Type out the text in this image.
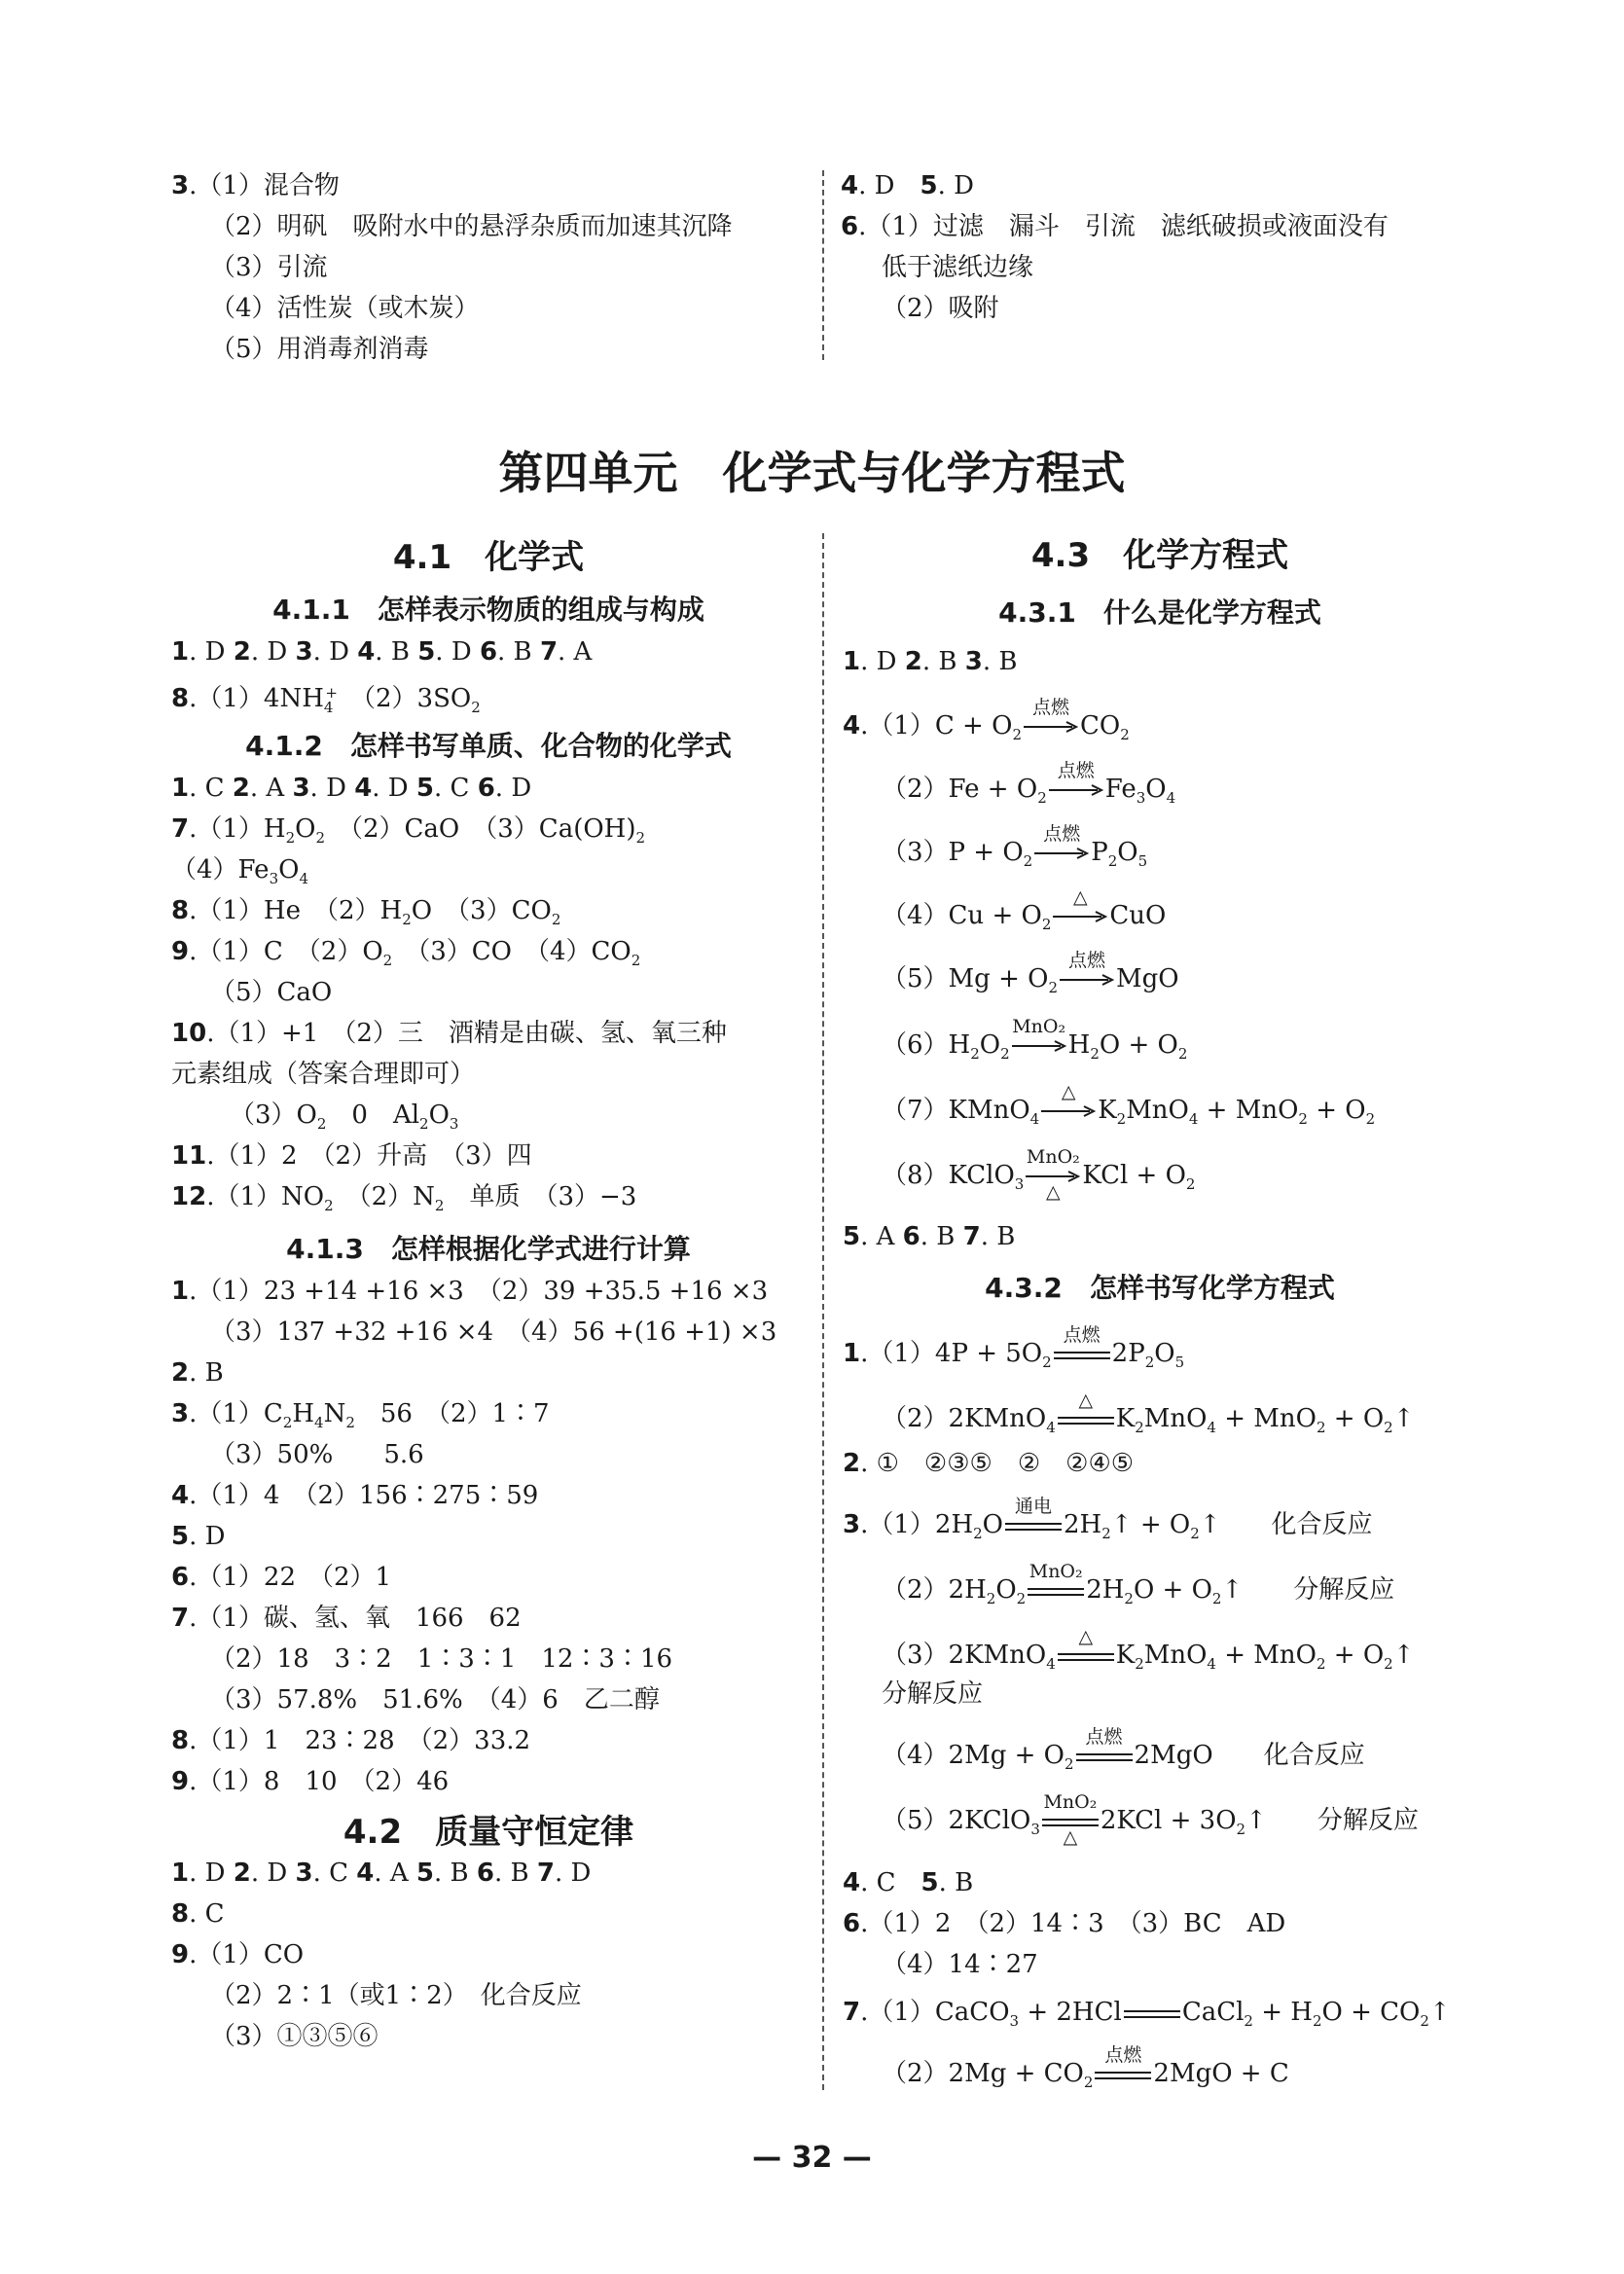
3.（1）混合物
（2）明矾　吸附水中的悬浮杂质而加速其沉降
（3）引流
（4）活性炭（或木炭）
（5）用消毒剂消毒
4. D　5. D
6.（1）过滤　漏斗　引流　滤纸破损或液面没有
低于滤纸边缘
（2）吸附
第四单元　化学式与化学方程式
4.1　化学式
4.1.1　怎样表示物质的组成与构成
1. D 2. D 3. D 4. B 5. D 6. B 7. A
$8.(1)4NH_4^+$　$(2)3SO_2$
4.1.2　怎样书写单质、化合物的化学式
1. C 2. A 3. D 4. D 5. C 6. D
$7.(1)H_2O_2$　（2）CaO　$(3)Ca(OH)_2$
$(4)Fe_3O_4$
8.（1）He　$(2)H_2O$　$(3)CO_2$
9.（1）C　$(2)O_2$　（3）CO　$(4)CO_2$
（5）CaO
10.（1）+1　（2）三　酒精是由碳、氢、氧三种
元素组成（答案合理即可）
$(3)O_2$　0　$Al_2O_3$
11.（1）2　（2）升高　（3）四
$12.(1)NO_2$　$(2)N_2$　单质　（3）−3
4.1.3　怎样根据化学式进行计算
1.（1）23 +14 +16 ×3　（2）39 +35.5 +16 ×3
（3）137 +32 +16 ×4　（4）56 +(16 +1) ×3
2. B
$3.(1)C_2H_4N_2$　56　（2）1∶7
（3）50%　　5.6
4.（1）4　（2）156∶275∶59
5. D
6.（1）22　（2）1
7.（1）碳、氢、氧　166　62
（2）18　3∶2　1∶3∶1　12∶3∶16
（3）57.8%　51.6%　（4）6　乙二醇
8.（1）1　23∶28　（2）33.2
9.（1）8　10　（2）46
4.2　质量守恒定律
1. D 2. D 3. C 4. A 5. B 6. B 7. D
8. C
9.（1）CO
（2）2∶1（或1∶2）　化合反应
（3）①③⑤⑥
4.3　化学方程式
4.3.1　什么是化学方程式
1. D 2. B 3. B
$4.(1)C + O_2$
点燃
$CO_2$
$(2)Fe + O_2$
点燃
$Fe_3O_4$
$(3)P + O_2$
点燃
$P_2O_5$
$(4)Cu + O_2$
△
CuO
$(5)Mg + O_2$
点燃
MgO
$(6)H_2O_2$
MnO₂
$H_2O + O_2$
（7）KMnO$_4$
△
$K_2MnO_4 + MnO_2 + O_2$
（8）KClO$_3$
MnO₂
△
KCl + $O_2$
5. A 6. B 7. B
4.3.2　怎样书写化学方程式
$1.(1)4P + 5O_2$
点燃
$2P_2O_5$
（2）2KMnO$_4$
△
$K_2MnO_4 + MnO_2$ + $O_2↑$
2. ①　②③⑤　②　②④⑤
$3.(1)2H_2O$
通电
$2H_2↑$ + $O_2↑$　　化合反应
$(2)2H_2O_2$
MnO₂
$2H_2O$ + $O_2↑$　　分解反应
（3）2KMnO$_4$
△
$K_2MnO_4 + MnO_2$ + $O_2↑$
分解反应
$(4)2Mg + O_2$
点燃
2MgO　　化合反应
（5）2KClO$_3$
MnO₂
△
$2KCl + 3O_2↑$　　分解反应
4. C　5. B
6.（1）2　（2）14∶3　（3）BC　AD
（4）14∶27
7.（1）CaCO$_3$ + 2HCl CaCl$_2$ + $H_2O$ + $CO_2↑$
$(2)2Mg + CO_2$
点燃
2MgO + C
— 32 —
